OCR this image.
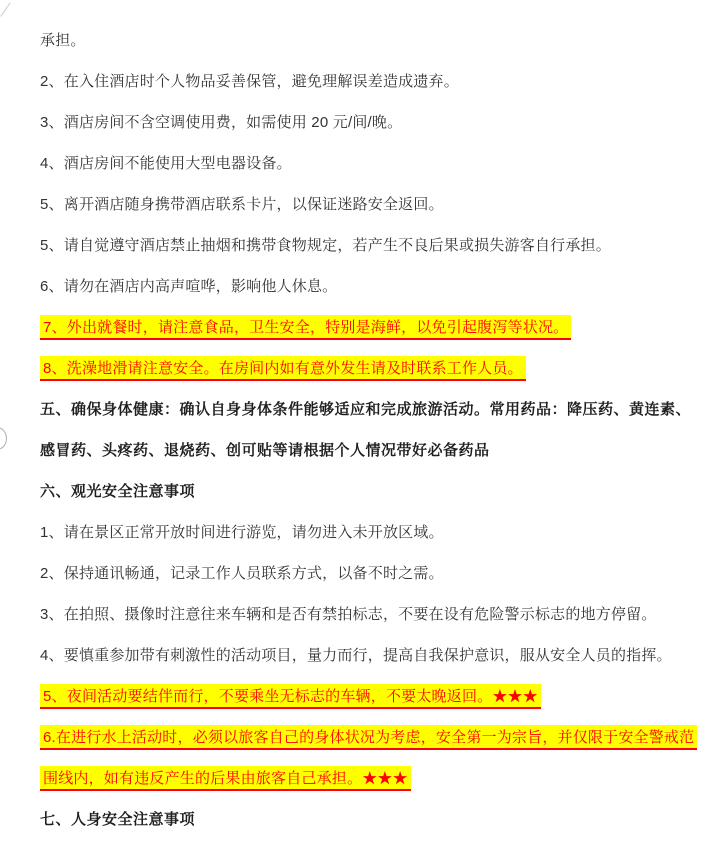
承担。

2、在入住酒店时个人物品妥善保管，避免理解误差造成遗弃。

3、酒店房间不含空调使用费，如需使用 20 元/间/晚。

4、酒店房间不能使用大型电器设备。

5、离开酒店随身携带酒店联系卡片，以保证迷路安全返回。

5、请自觉遵守酒店禁止抽烟和携带食物规定，若产生不良后果或损失游客自行承担。

6、请勿在酒店内高声喧哗，影响他人休息。

7、外出就餐时，请注意食品，卫生安全，特别是海鲜，以免引起腹泻等状况。

8、洗澡地滑请注意安全。在房间内如有意外发生请及时联系工作人员。

五、确保身体健康：确认自身身体条件能够适应和完成旅游活动。常用药品：降压药、黄连素、感冒药、头疼药、退烧药、创可贴等请根据个人情况带好必备药品

六、观光安全注意事项

1、请在景区正常开放时间进行游览，请勿进入未开放区域。

2、保持通讯畅通，记录工作人员联系方式，以备不时之需。

3、在拍照、摄像时注意往来车辆和是否有禁拍标志，不要在设有危险警示标志的地方停留。

4、要慎重参加带有刺激性的活动项目，量力而行，提高自我保护意识，服从安全人员的指挥。

5、夜间活动要结伴而行，不要乘坐无标志的车辆，不要太晚返回。★★★

6.在进行水上活动时，必须以旅客自己的身体状况为考虑，安全第一为宗旨，并仅限于安全警戒范围线内，如有违反产生的后果由旅客自己承担。★★★

七、人身安全注意事项
